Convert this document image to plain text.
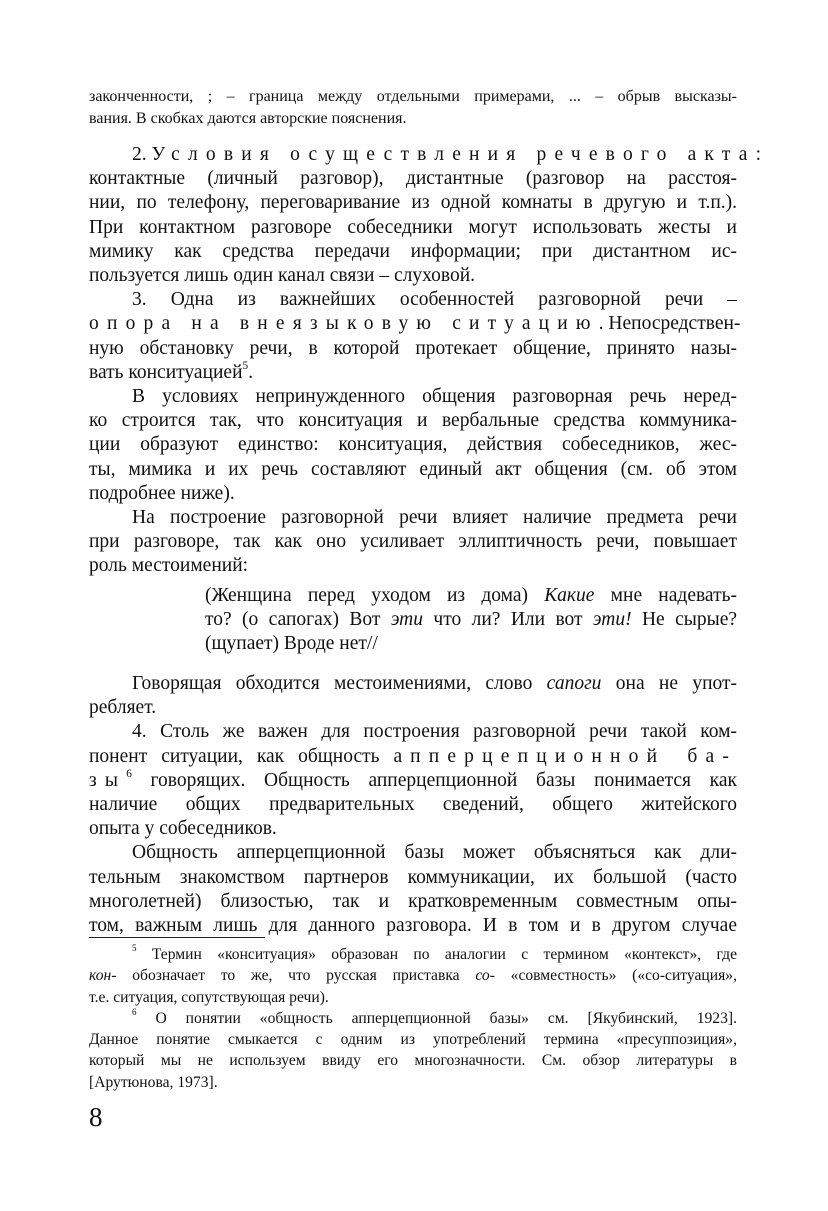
законченности, ; – граница между отдельными примерами, ... – обрыв высказы-
вания. В скобках даются авторские пояснения.
2. Условия осуществления речевого акта:
контактные (личный разговор), дистантные (разговор на расстоя-
нии, по телефону, переговаривание из одной комнаты в другую и т.п.).
При контактном разговоре собеседники могут использовать жесты и
мимику как средства передачи информации; при дистантном ис-
пользуется лишь один канал связи – слуховой.
3. Одна из важнейших особенностей разговорной речи –
опора на внеязыковую ситуацию. Непосредствен-
ную обстановку речи, в которой протекает общение, принято назы-
вать конситуацией$^5$.
В условиях непринужденного общения разговорная речь неред-
ко строится так, что конситуация и вербальные средства коммуника-
ции образуют единство: конситуация, действия собеседников, жес-
ты, мимика и их речь составляют единый акт общения (см. об этом
подробнее ниже).
На построение разговорной речи влияет наличие предмета речи
при разговоре, так как оно усиливает эллиптичность речи, повышает
роль местоимений:
(Женщина перед уходом из дома) Какие мне надевать-
то? (о сапогах) Вот эти что ли? Или вот эти! Не сырые?
(щупает) Вроде нет//
Говорящая обходится местоимениями, слово сапоги она не упот-
ребляет.
4. Столь же важен для построения разговорной речи такой ком-
понент ситуации, как общность апперцепционной ба-
$зы^6$ говорящих. Общность апперцепционной базы понимается как
наличие общих предварительных сведений, общего житейского
опыта у собеседников.
Общность апперцепционной базы может объясняться как дли-
тельным знакомством партнеров коммуникации, их большой (часто
многолетней) близостью, так и кратковременным совместным опы-
том, важным лишь для данного разговора. И в том и в другом случае
$^5$ Термин «конситуация» образован по аналогии с термином «контекст», где
кон- обозначает то же, что русская приставка со- «совместность» («со-ситуация»,
т.е. ситуация, сопутствующая речи).
$^6$ О понятии «общность апперцепционной базы» см. [Якубинский, 1923].
Данное понятие смыкается с одним из употреблений термина «пресуппозиция»,
который мы не используем ввиду его многозначности. См. обзор литературы в
[Арутюнова, 1973].
8
